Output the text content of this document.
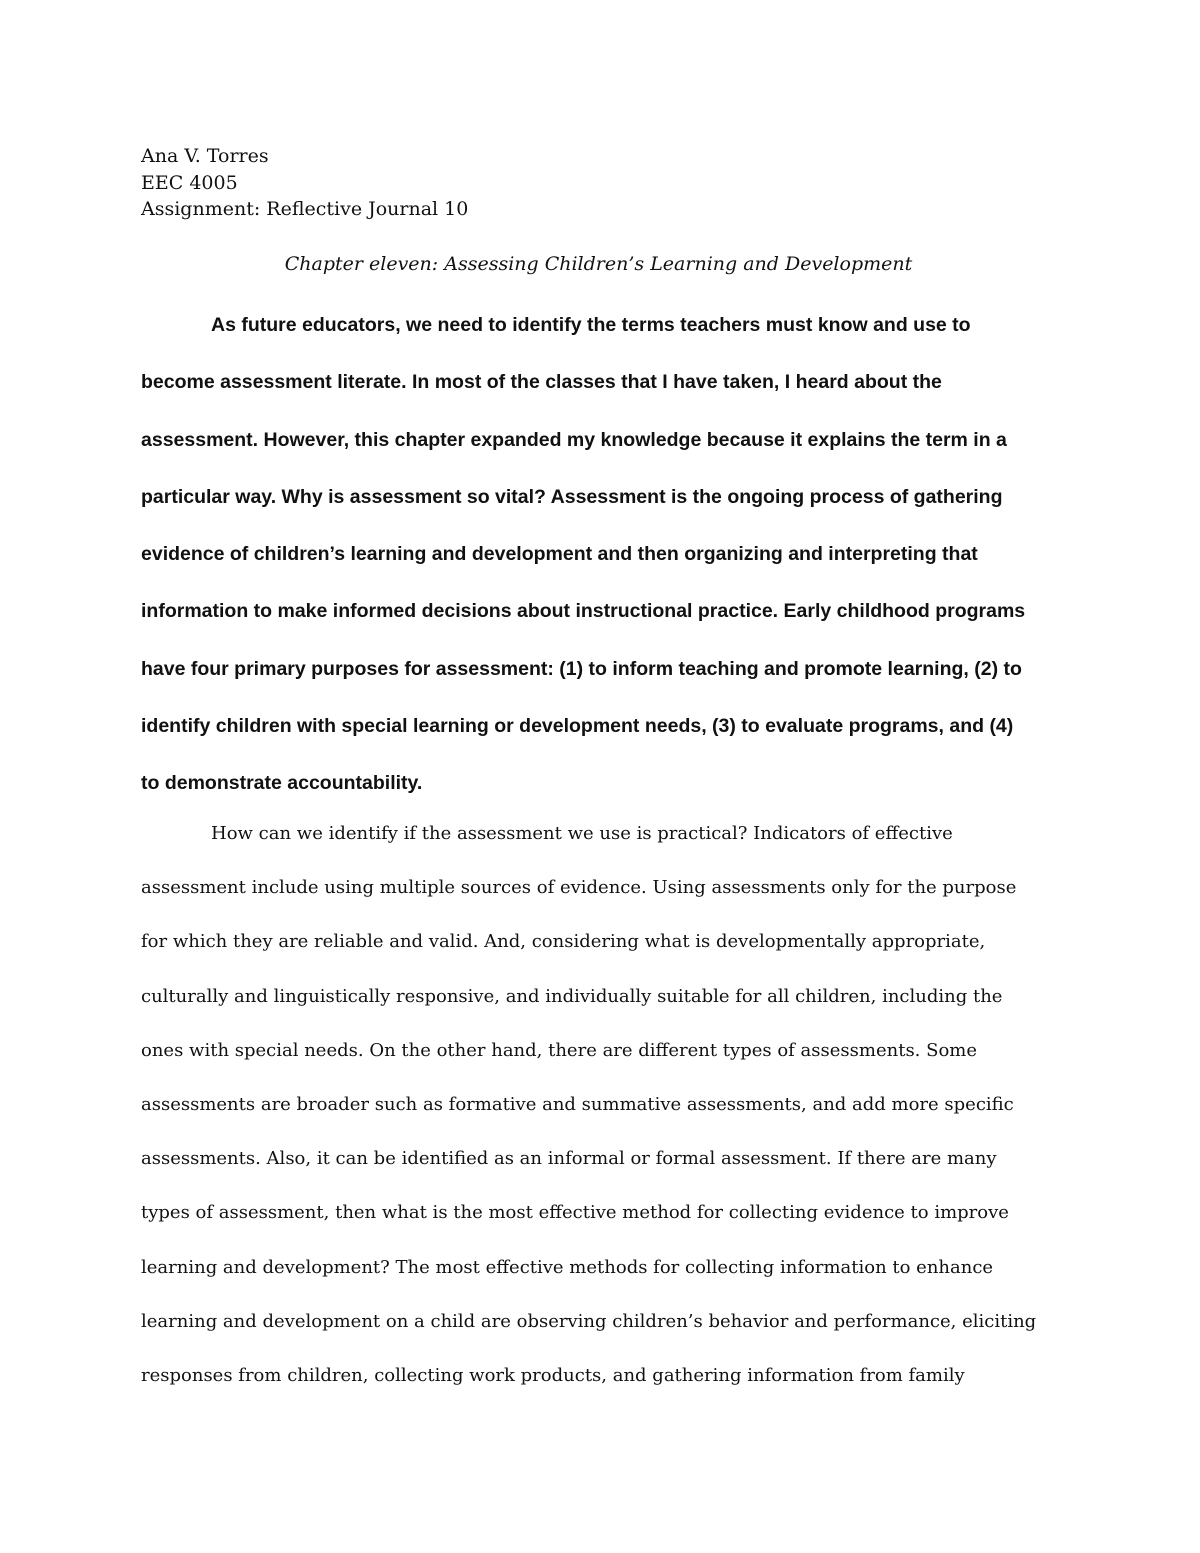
Ana V. Torres
EEC 4005
Assignment: Reflective Journal 10
Chapter eleven: Assessing Children’s Learning and Development
As future educators, we need to identify the terms teachers must know and use to
become assessment literate. In most of the classes that I have taken, I heard about the
assessment. However, this chapter expanded my knowledge because it explains the term in a
particular way. Why is assessment so vital? Assessment is the ongoing process of gathering
evidence of children’s learning and development and then organizing and interpreting that
information to make informed decisions about instructional practice. Early childhood programs
have four primary purposes for assessment: (1) to inform teaching and promote learning, (2) to
identify children with special learning or development needs, (3) to evaluate programs, and (4)
to demonstrate accountability.
How can we identify if the assessment we use is practical? Indicators of effective
assessment include using multiple sources of evidence. Using assessments only for the purpose
for which they are reliable and valid. And, considering what is developmentally appropriate,
culturally and linguistically responsive, and individually suitable for all children, including the
ones with special needs. On the other hand, there are different types of assessments. Some
assessments are broader such as formative and summative assessments, and add more specific
assessments. Also, it can be identified as an informal or formal assessment. If there are many
types of assessment, then what is the most effective method for collecting evidence to improve
learning and development? The most effective methods for collecting information to enhance
learning and development on a child are observing children’s behavior and performance, eliciting
responses from children, collecting work products, and gathering information from family
